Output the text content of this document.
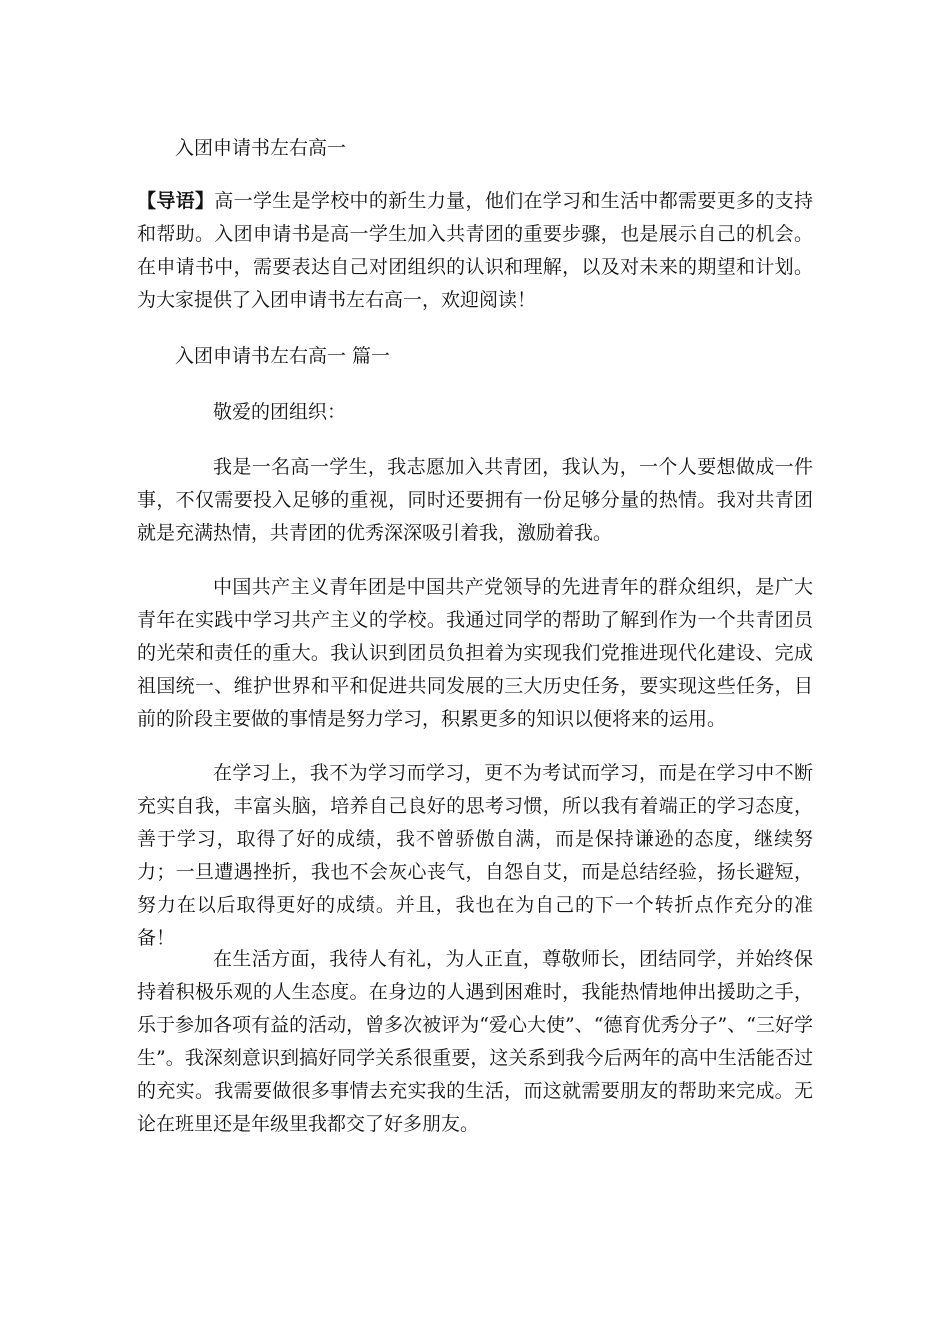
入团申请书左右高一

【导语】高一学生是学校中的新生力量，他们在学习和生活中都需要更多的支持和帮助。入团申请书是高一学生加入共青团的重要步骤，也是展示自己的机会。在申请书中，需要表达自己对团组织的认识和理解，以及对未来的期望和计划。为大家提供了入团申请书左右高一，欢迎阅读！

入团申请书左右高一 篇一
敬爱的团组织：

我是一名高一学生，我志愿加入共青团，我认为，一个人要想做成一件事，不仅需要投入足够的重视，同时还要拥有一份足够分量的热情。我对共青团就是充满热情，共青团的优秀深深吸引着我，激励着我。

中国共产主义青年团是中国共产党领导的先进青年的群众组织，是广大青年在实践中学习共产主义的学校。我通过同学的帮助了解到作为一个共青团员的光荣和责任的重大。我认识到团员负担着为实现我们党推进现代化建设、完成祖国统一、维护世界和平和促进共同发展的三大历史任务，要实现这些任务，目前的阶段主要做的事情是努力学习，积累更多的知识以便将来的运用。

在学习上，我不为学习而学习，更不为考试而学习，而是在学习中不断充实自我，丰富头脑，培养自己良好的思考习惯，所以我有着端正的学习态度，善于学习，取得了好的成绩，我不曾骄傲自满，而是保持谦逊的态度，继续努力；一旦遭遇挫折，我也不会灰心丧气，自怨自艾，而是总结经验，扬长避短，努力在以后取得更好的成绩。并且，我也在为自己的下一个转折点作充分的准备！

在生活方面，我待人有礼，为人正直，尊敬师长，团结同学，并始终保持着积极乐观的人生态度。在身边的人遇到困难时，我能热情地伸出援助之手，乐于参加各项有益的活动，曾多次被评为“爱心大使”、“德育优秀分子”、“三好学生”。我深刻意识到搞好同学关系很重要，这关系到我今后两年的高中生活能否过的充实。我需要做很多事情去充实我的生活，而这就需要朋友的帮助来完成。无论在班里还是年级里我都交了好多朋友。
